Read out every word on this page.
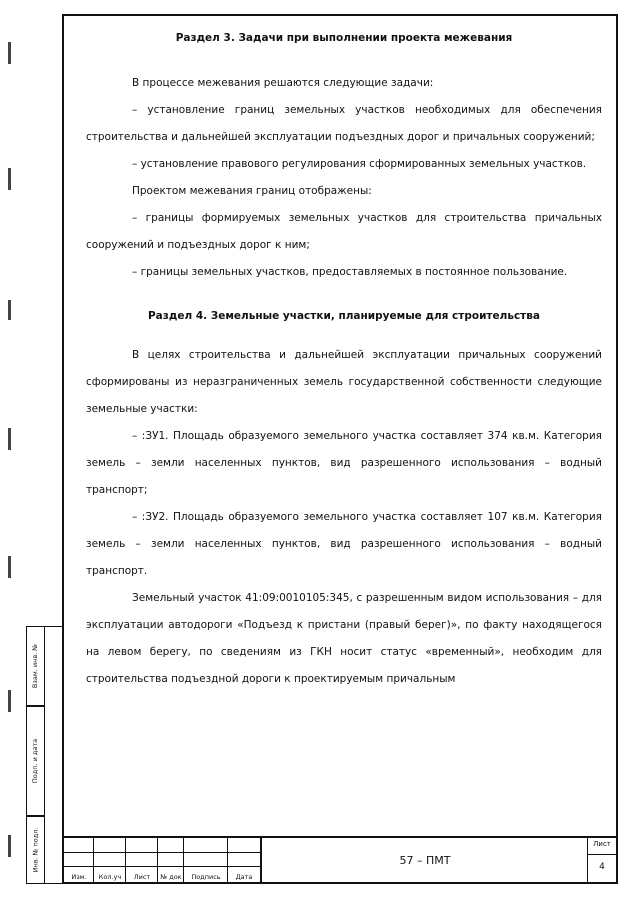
Взам. инв. №
Подп. и дата
Инв. № подл.
Раздел 3. Задачи при выполнении проекта межевания

В процессе межевания решаются следующие задачи:

– установление границ земельных участков необходимых для обеспечения строительства и дальнейшей эксплуатации подъездных дорог и причальных сооружений;

– установление правового регулирования сформированных земельных участков.

Проектом межевания границ отображены:

– границы формируемых земельных участков для строительства причальных сооружений и подъездных дорог к ним;

– границы земельных участков, предоставляемых в постоянное пользование.

Раздел 4. Земельные участки, планируемые для строительства

В целях строительства и дальнейшей эксплуатации причальных сооружений сформированы из неразграниченных земель государственной собственности следующие земельные участки:

– :ЗУ1. Площадь образуемого земельного участка составляет 374 кв.м. Категория земель – земли населенных пунктов, вид разрешенного использования – водный транспорт;

– :ЗУ2. Площадь образуемого земельного участка составляет 107 кв.м. Категория земель – земли населенных пунктов, вид разрешенного использования – водный транспорт.

Земельный участок 41:09:0010105:345, с разрешенным видом использования – для эксплуатации автодороги «Подъезд к пристани (правый берег)», по факту находящегося на левом берегу, по сведениям из ГКН носит статус «временный», необходим для строительства подъездной дороги к проектируемым причальным

Изм.	Кол.уч	Лист	№ док	Подпись	Дата
57 – ПМТ
Лист
4
